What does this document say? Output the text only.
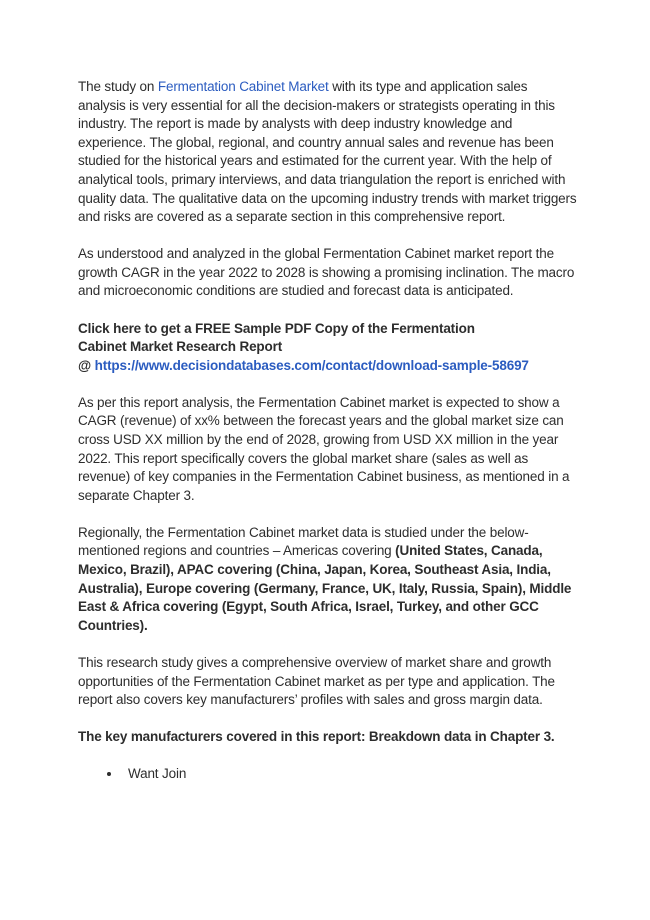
The study on Fermentation Cabinet Market with its type and application sales analysis is very essential for all the decision-makers or strategists operating in this industry. The report is made by analysts with deep industry knowledge and experience. The global, regional, and country annual sales and revenue has been studied for the historical years and estimated for the current year. With the help of analytical tools, primary interviews, and data triangulation the report is enriched with quality data. The qualitative data on the upcoming industry trends with market triggers and risks are covered as a separate section in this comprehensive report.

As understood and analyzed in the global Fermentation Cabinet market report the growth CAGR in the year 2022 to 2028 is showing a promising inclination. The macro and microeconomic conditions are studied and forecast data is anticipated.

Click here to get a FREE Sample PDF Copy of the Fermentation
Cabinet Market Research Report
@ https://www.decisiondatabases.com/contact/download-sample-58697

As per this report analysis, the Fermentation Cabinet market is expected to show a CAGR (revenue) of xx% between the forecast years and the global market size can cross USD XX million by the end of 2028, growing from USD XX million in the year 2022. This report specifically covers the global market share (sales as well as revenue) of key companies in the Fermentation Cabinet business, as mentioned in a separate Chapter 3.

Regionally, the Fermentation Cabinet market data is studied under the below-mentioned regions and countries – Americas covering (United States, Canada, Mexico, Brazil), APAC covering (China, Japan, Korea, Southeast Asia, India, Australia), Europe covering (Germany, France, UK, Italy, Russia, Spain), Middle East & Africa covering (Egypt, South Africa, Israel, Turkey, and other GCC Countries).

This research study gives a comprehensive overview of market share and growth opportunities of the Fermentation Cabinet market as per type and application. The report also covers key manufacturers’ profiles with sales and gross margin data.

The key manufacturers covered in this report: Breakdown data in Chapter 3.

• Want Join
